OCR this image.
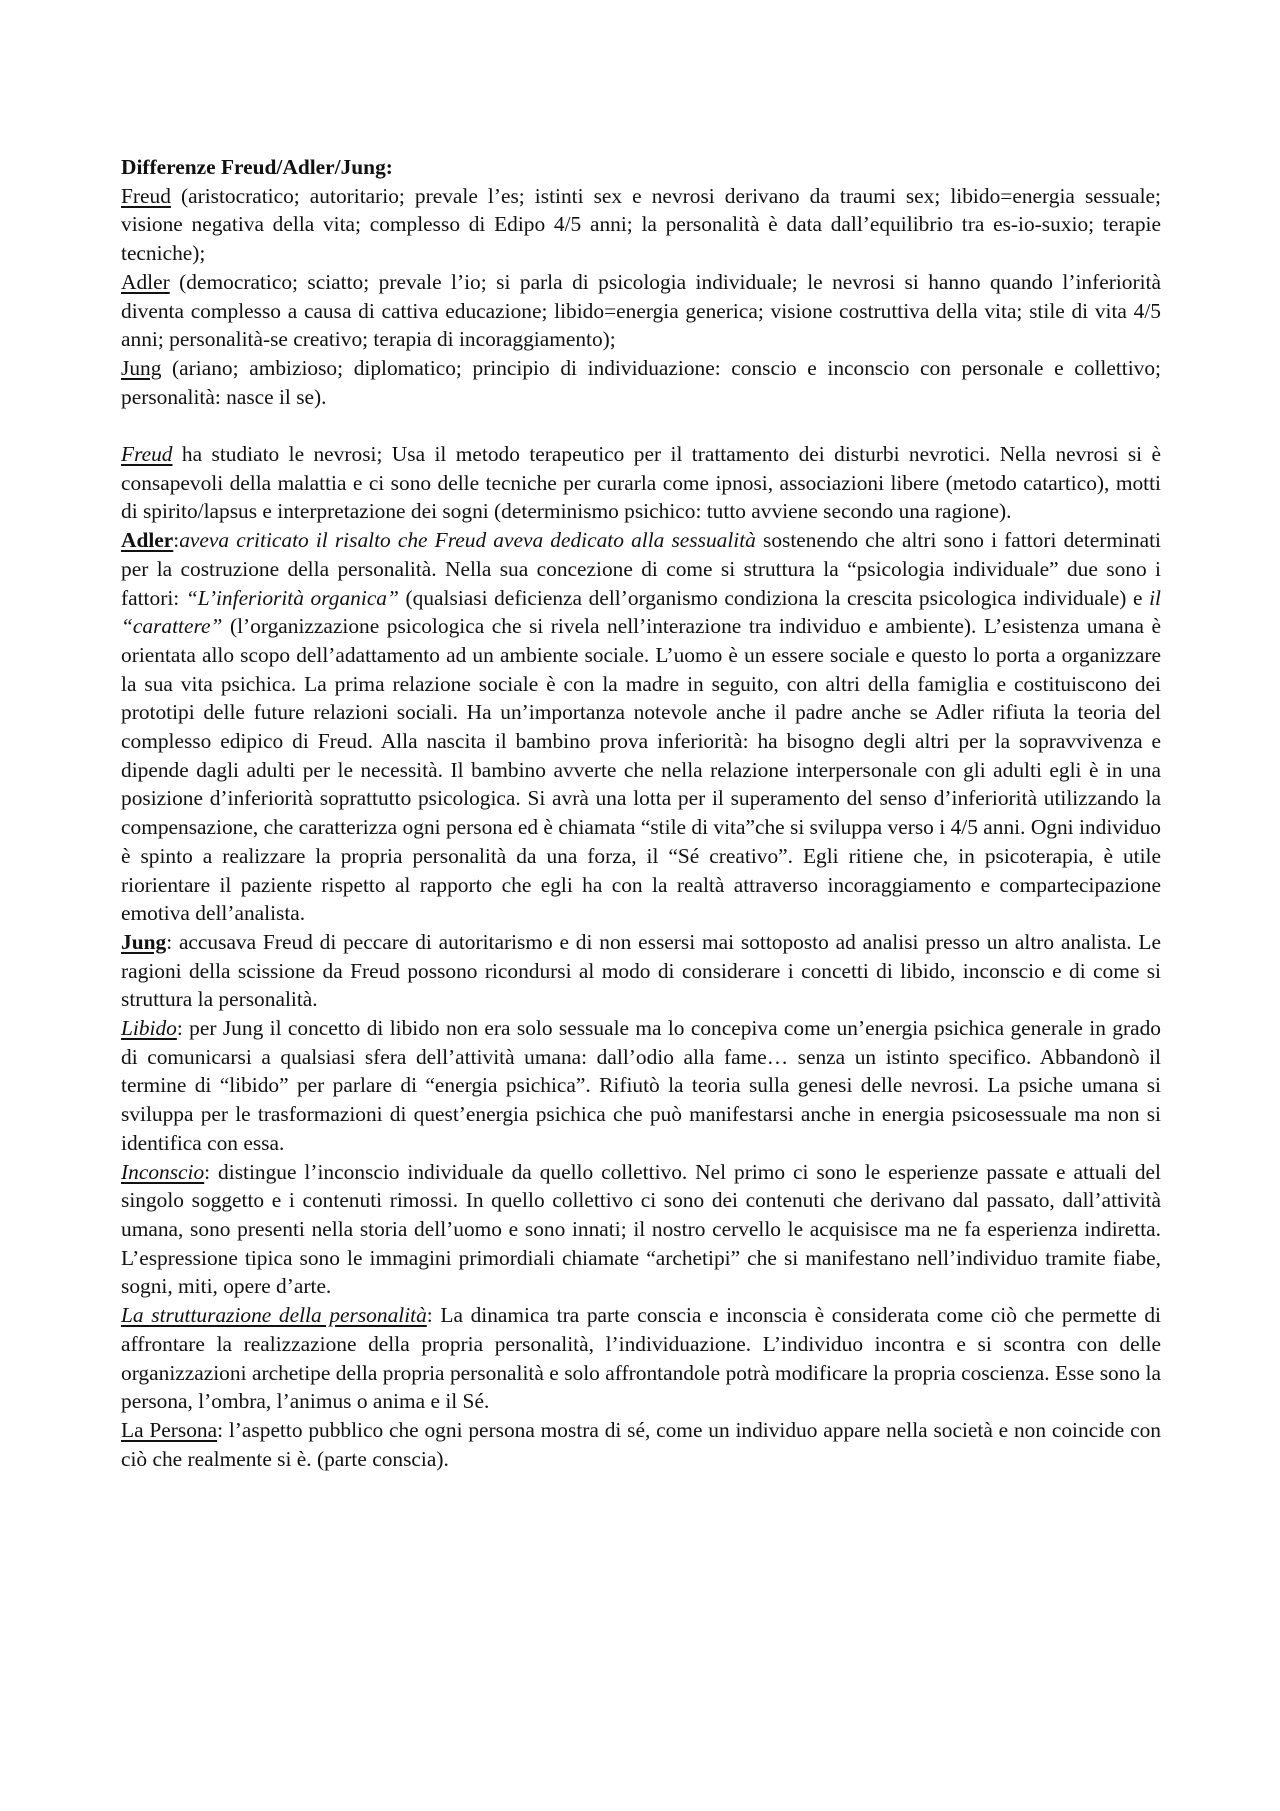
Differenze Freud/Adler/Jung:

Freud (aristocratico; autoritario; prevale l’es; istinti sex e nevrosi derivano da traumi sex; libido=energia sessuale; visione negativa della vita; complesso di Edipo 4/5 anni; la personalità è data dall’equilibrio tra es-io-suxio; terapie tecniche);

Adler (democratico; sciatto; prevale l’io; si parla di psicologia individuale; le nevrosi si hanno quando l’inferiorità diventa complesso a causa di cattiva educazione; libido=energia generica; visione costruttiva della vita; stile di vita 4/5 anni; personalità-se creativo; terapia di incoraggiamento);

Jung (ariano; ambizioso; diplomatico; principio di individuazione: conscio e inconscio con personale e collettivo; personalità: nasce il se).

Freud ha studiato le nevrosi; Usa il metodo terapeutico per il trattamento dei disturbi nevrotici. Nella nevrosi si è consapevoli della malattia e ci sono delle tecniche per curarla come ipnosi, associazioni libere (metodo catartico), motti di spirito/lapsus e interpretazione dei sogni (determinismo psichico: tutto avviene secondo una ragione).

Adler:aveva criticato il risalto che Freud aveva dedicato alla sessualità sostenendo che altri sono i fattori determinati per la costruzione della personalità. Nella sua concezione di come si struttura la “psicologia individuale” due sono i fattori: “L’inferiorità organica” (qualsiasi deficienza dell’organismo condiziona la crescita psicologica individuale) e il “carattere” (l’organizzazione psicologica che si rivela nell’interazione tra individuo e ambiente). L’esistenza umana è orientata allo scopo dell’adattamento ad un ambiente sociale. L’uomo è un essere sociale e questo lo porta a organizzare la sua vita psichica. La prima relazione sociale è con la madre in seguito, con altri della famiglia e costituiscono dei prototipi delle future relazioni sociali. Ha un’importanza notevole anche il padre anche se Adler rifiuta la teoria del complesso edipico di Freud. Alla nascita il bambino prova inferiorità: ha bisogno degli altri per la sopravvivenza e dipende dagli adulti per le necessità. Il bambino avverte che nella relazione interpersonale con gli adulti egli è in una posizione d’inferiorità soprattutto psicologica. Si avrà una lotta per il superamento del senso d’inferiorità utilizzando la compensazione, che caratterizza ogni persona ed è chiamata “stile di vita”che si sviluppa verso i 4/5 anni. Ogni individuo è spinto a realizzare la propria personalità da una forza, il “Sé creativo”. Egli ritiene che, in psicoterapia, è utile riorientare il paziente rispetto al rapporto che egli ha con la realtà attraverso incoraggiamento e compartecipazione emotiva dell’analista.

Jung: accusava Freud di peccare di autoritarismo e di non essersi mai sottoposto ad analisi presso un altro analista. Le ragioni della scissione da Freud possono ricondursi al modo di considerare i concetti di libido, inconscio e di come si struttura la personalità.

Libido: per Jung il concetto di libido non era solo sessuale ma lo concepiva come un’energia psichica generale in grado di comunicarsi a qualsiasi sfera dell’attività umana: dall’odio alla fame… senza un istinto specifico. Abbandonò il termine di “libido” per parlare di “energia psichica”. Rifiutò la teoria sulla genesi delle nevrosi. La psiche umana si sviluppa per le trasformazioni di quest’energia psichica che può manifestarsi anche in energia psicosessuale ma non si identifica con essa.

Inconscio: distingue l’inconscio individuale da quello collettivo. Nel primo ci sono le esperienze passate e attuali del singolo soggetto e i contenuti rimossi. In quello collettivo ci sono dei contenuti che derivano dal passato, dall’attività umana, sono presenti nella storia dell’uomo e sono innati; il nostro cervello le acquisisce ma ne fa esperienza indiretta. L’espressione tipica sono le immagini primordiali chiamate “archetipi” che si manifestano nell’individuo tramite fiabe, sogni, miti, opere d’arte.

La strutturazione della personalità: La dinamica tra parte conscia e inconscia è considerata come ciò che permette di affrontare la realizzazione della propria personalità, l’individuazione. L’individuo incontra e si scontra con delle organizzazioni archetipe della propria personalità e solo affrontandole potrà modificare la propria coscienza. Esse sono la persona, l’ombra, l’animus o anima e il Sé.

La Persona: l’aspetto pubblico che ogni persona mostra di sé, come un individuo appare nella società e non coincide con ciò che realmente si è. (parte conscia).
